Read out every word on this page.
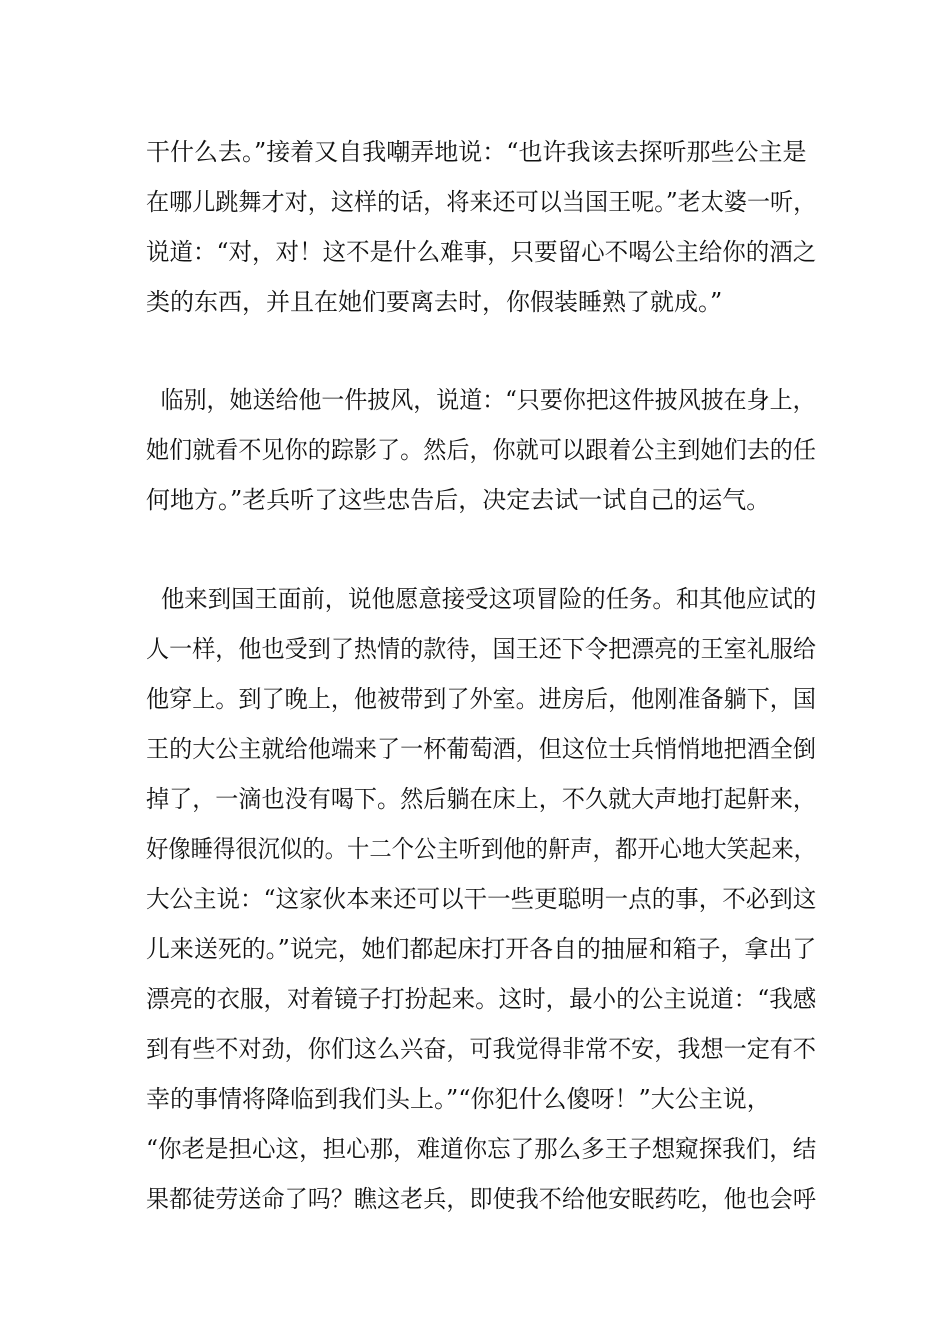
干什么去。”接着又自我嘲弄地说：“也许我该去探听那些公主是
在哪儿跳舞才对，这样的话，将来还可以当国王呢。”老太婆一听，
说道：“对，对！这不是什么难事，只要留心不喝公主给你的酒之
类的东西，并且在她们要离去时，你假装睡熟了就成。”
临别，她送给他一件披风，说道：“只要你把这件披风披在身上，
她们就看不见你的踪影了。然后，你就可以跟着公主到她们去的任
何地方。”老兵听了这些忠告后，决定去试一试自己的运气。
他来到国王面前，说他愿意接受这项冒险的任务。和其他应试的
人一样，他也受到了热情的款待，国王还下令把漂亮的王室礼服给
他穿上。到了晚上，他被带到了外室。进房后，他刚准备躺下，国
王的大公主就给他端来了一杯葡萄酒，但这位士兵悄悄地把酒全倒
掉了，一滴也没有喝下。然后躺在床上，不久就大声地打起鼾来，
好像睡得很沉似的。十二个公主听到他的鼾声，都开心地大笑起来，
大公主说：“这家伙本来还可以干一些更聪明一点的事，不必到这
儿来送死的。”说完，她们都起床打开各自的抽屉和箱子，拿出了
漂亮的衣服，对着镜子打扮起来。这时，最小的公主说道：“我感
到有些不对劲，你们这么兴奋，可我觉得非常不安，我想一定有不
幸的事情将降临到我们头上。”“你犯什么傻呀！”大公主说，
“你老是担心这，担心那，难道你忘了那么多王子想窥探我们，结
果都徒劳送命了吗？瞧这老兵，即使我不给他安眠药吃，他也会呼
